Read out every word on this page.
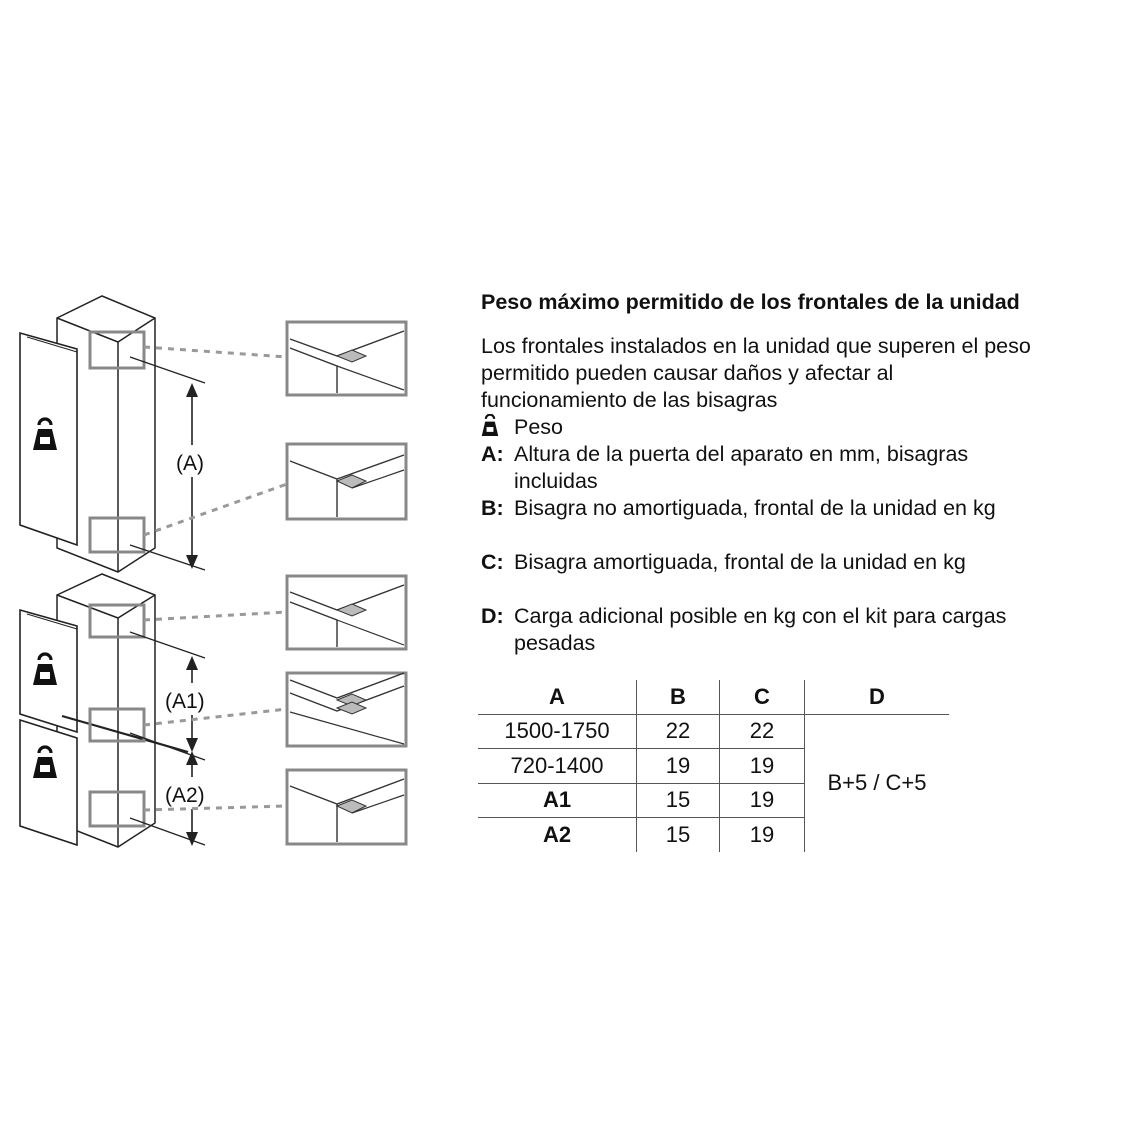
(A)
(A1)
(A2)

Peso máximo permitido de los frontales de la unidad

Los frontales instalados en la unidad que superen el peso
permitido pueden causar daños y afectar al
funcionamiento de las bisagras

Peso
A: Altura de la puerta del aparato en mm, bisagras
incluidas
B: Bisagra no amortiguada, frontal de la unidad en kg
C: Bisagra amortiguada, frontal de la unidad en kg
D: Carga adicional posible en kg con el kit para cargas
pesadas
A	B	C	D
1500-1750	22	22	B+5 / C+5
720-1400	19	19	
A1	15	19	
A2	15	19	
